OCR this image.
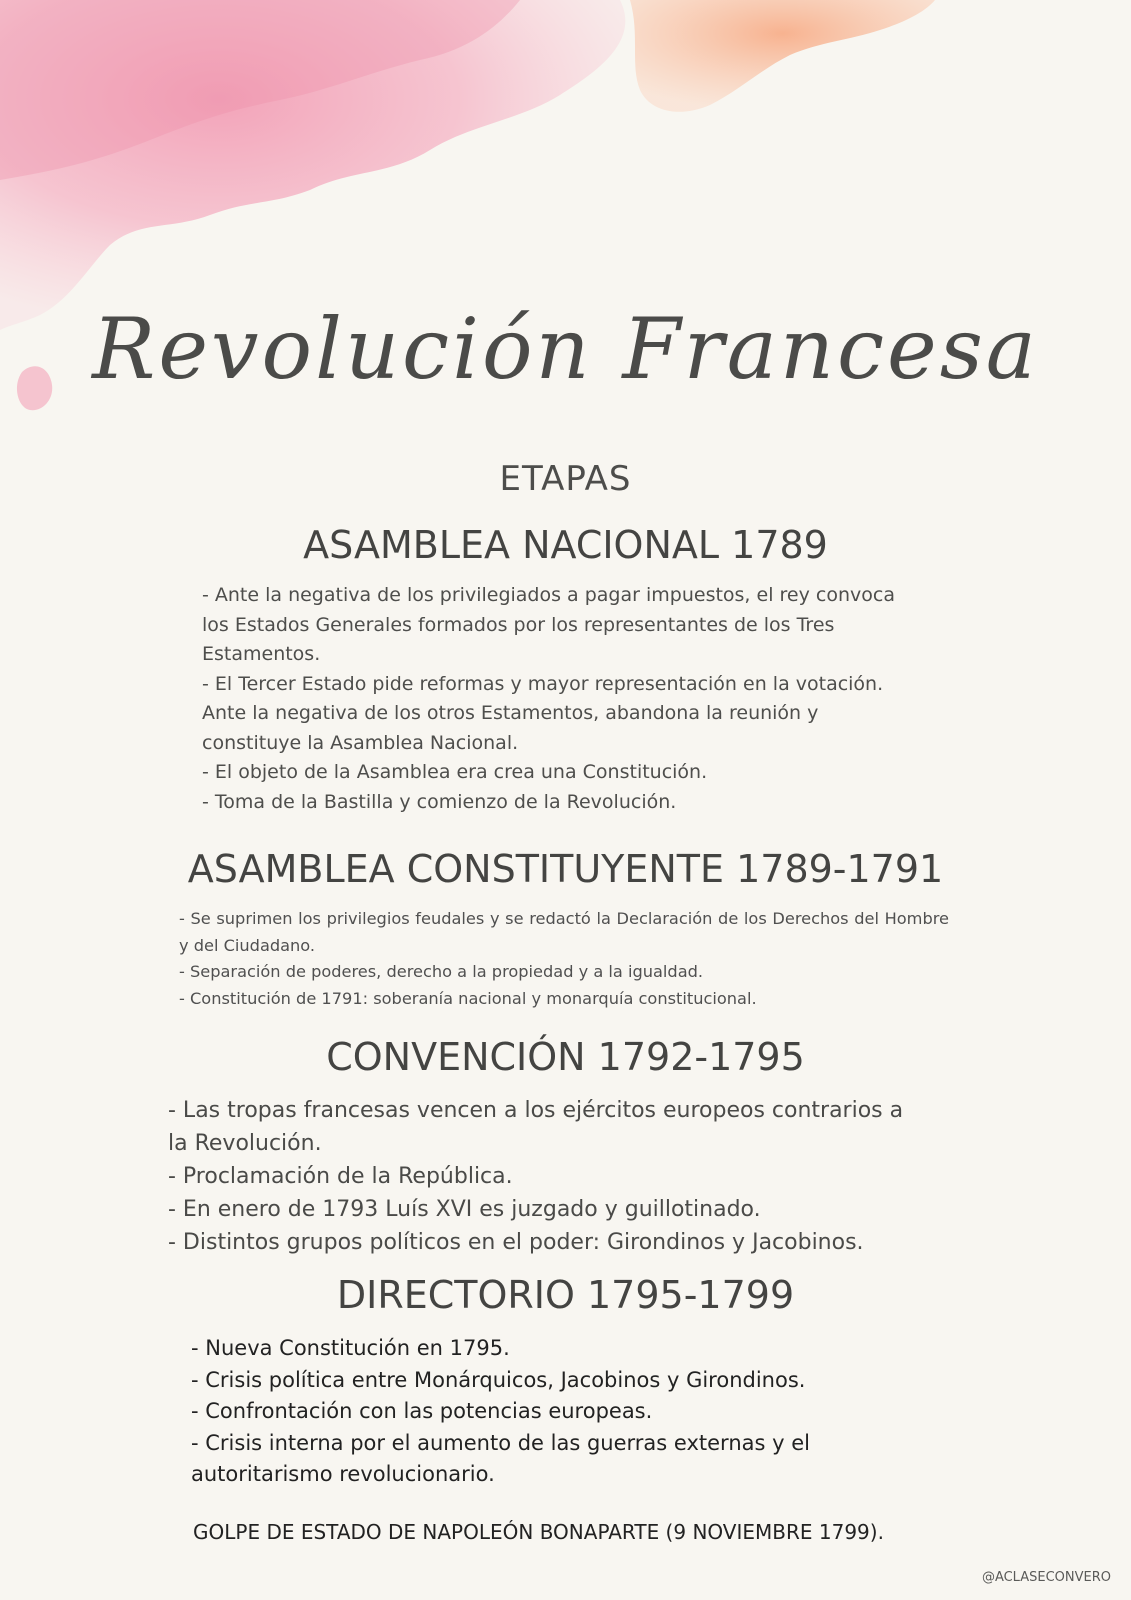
Revolución Francesa
ETAPAS
ASAMBLEA NACIONAL 1789
- Ante la negativa de los privilegiados a pagar impuestos, el rey convoca los Estados Generales formados por los representantes de los Tres Estamentos.
- El Tercer Estado pide reformas y mayor representación en la votación. Ante la negativa de los otros Estamentos, abandona la reunión y constituye la Asamblea Nacional.
- El objeto de la Asamblea era crea una Constitución.
- Toma de la Bastilla y comienzo de la Revolución.
ASAMBLEA CONSTITUYENTE 1789-1791
- Se suprimen los privilegios feudales y se redactó la Declaración de los Derechos del Hombre y del Ciudadano.
- Separación de poderes, derecho a la propiedad y a la igualdad.
- Constitución de 1791: soberanía nacional y monarquía constitucional.
CONVENCIÓN 1792-1795
- Las tropas francesas vencen a los ejércitos europeos contrarios a la Revolución.
- Proclamación de la República.
- En enero de 1793 Luís XVI es juzgado y guillotinado.
- Distintos grupos políticos en el poder: Girondinos y Jacobinos.
DIRECTORIO 1795-1799
- Nueva Constitución en 1795.
- Crisis política entre Monárquicos, Jacobinos y Girondinos.
- Confrontación con las potencias europeas.
- Crisis interna por el aumento de las guerras externas y el autoritarismo revolucionario.

GOLPE DE ESTADO DE NAPOLEÓN BONAPARTE (9 NOVIEMBRE 1799).

@ACLASECONVERO
